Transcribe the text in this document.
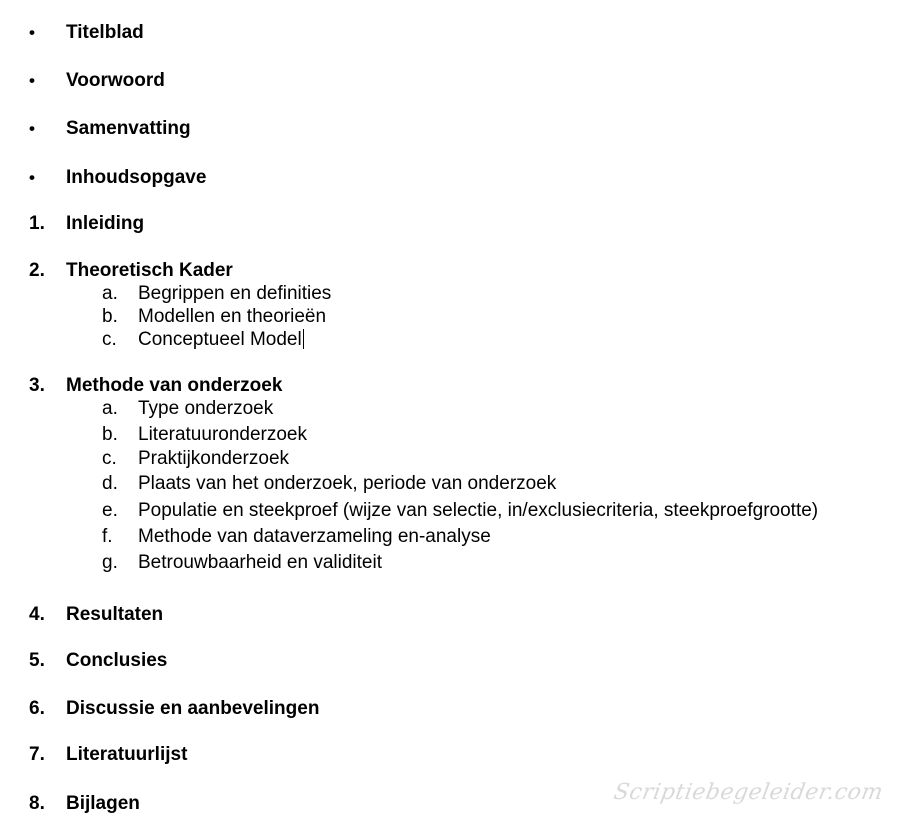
• Titelblad
• Voorwoord
• Samenvatting
• Inhoudsopgave
1. Inleiding
2. Theoretisch Kader
a. Begrippen en definities
b. Modellen en theorieën
c. Conceptueel Model
3. Methode van onderzoek
a. Type onderzoek
b. Literatuuronderzoek
c. Praktijkonderzoek
d. Plaats van het onderzoek, periode van onderzoek
e. Populatie en steekproef (wijze van selectie, in/exclusiecriteria, steekproefgrootte)
f. Methode van dataverzameling en-analyse
g. Betrouwbaarheid en validiteit
4. Resultaten
5. Conclusies
6. Discussie en aanbevelingen
7. Literatuurlijst
8. Bijlagen	Scriptiebegeleider.com
